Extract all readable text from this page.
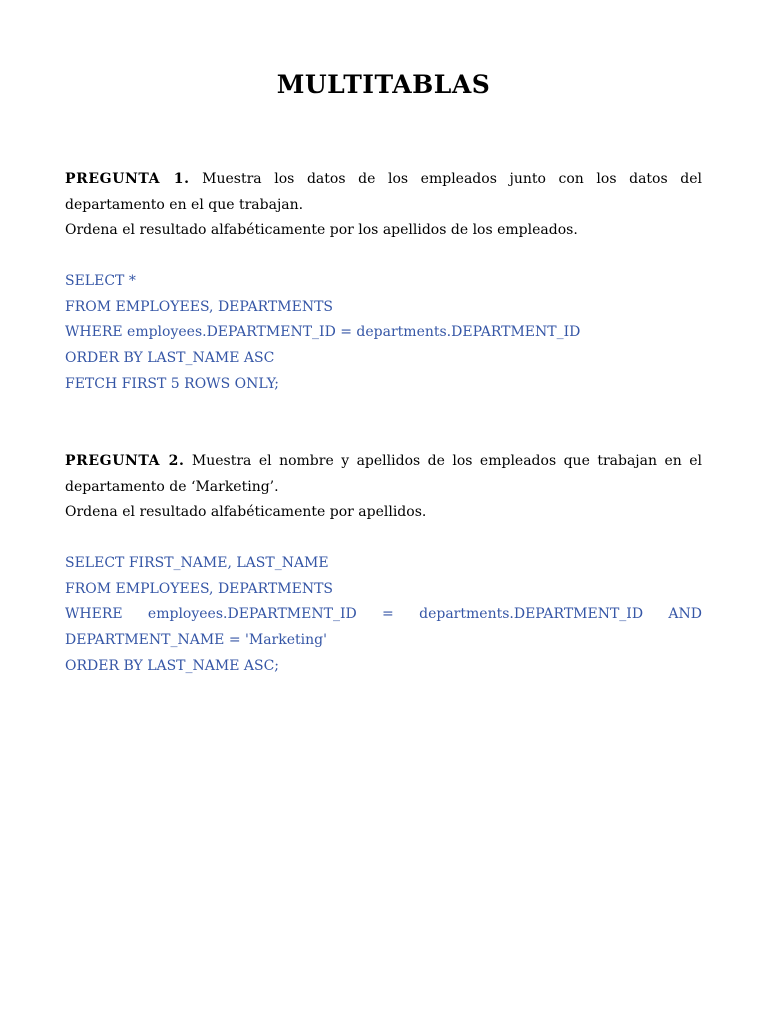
MULTITABLAS

PREGUNTA 1. Muestra los datos de los empleados junto con los datos del

departamento en el que trabajan.

Ordena el resultado alfabéticamente por los apellidos de los empleados.

SELECT *
FROM EMPLOYEES, DEPARTMENTS
WHERE employees.DEPARTMENT_ID = departments.DEPARTMENT_ID
ORDER BY LAST_NAME ASC
FETCH FIRST 5 ROWS ONLY;

PREGUNTA 2. Muestra el nombre y apellidos de los empleados que trabajan en el

departamento de ‘Marketing’.

Ordena el resultado alfabéticamente por apellidos.

SELECT FIRST_NAME, LAST_NAME
FROM EMPLOYEES, DEPARTMENTS
WHERE employees.DEPARTMENT_ID = departments.DEPARTMENT_ID AND
DEPARTMENT_NAME = 'Marketing'
ORDER BY LAST_NAME ASC;
